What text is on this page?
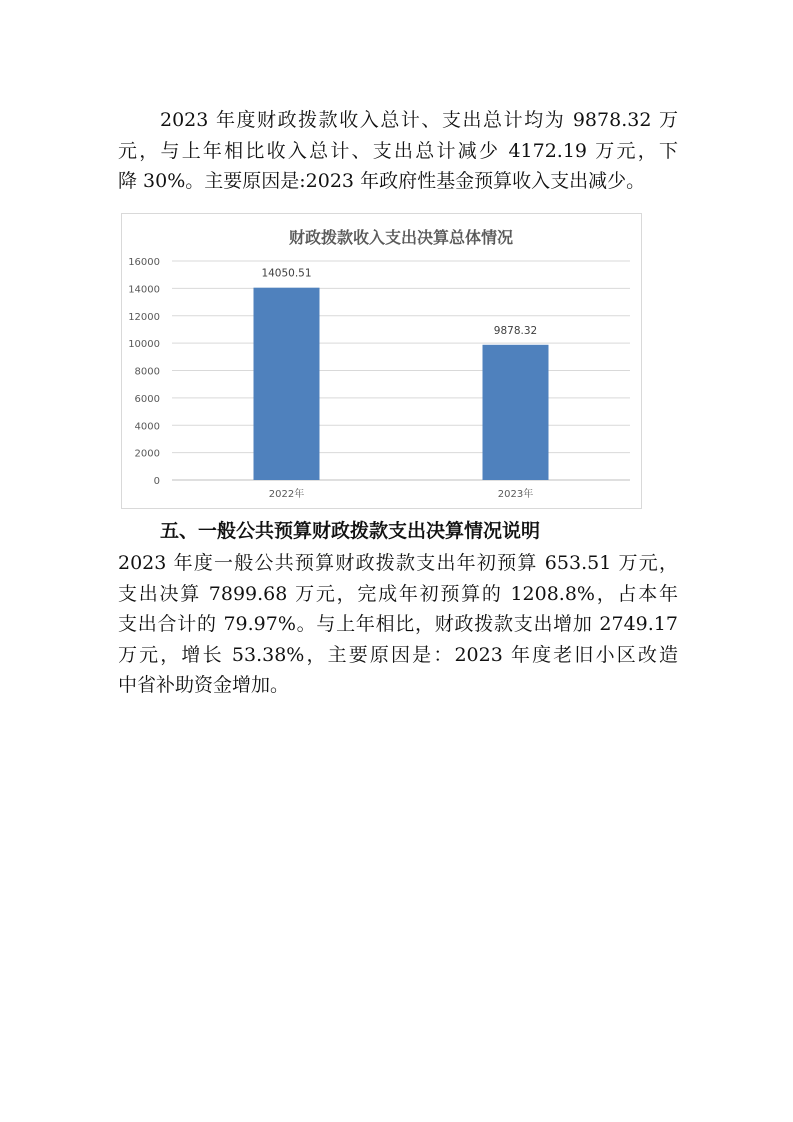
2023 年度财政拨款收入总计、支出总计均为 9878.32 万
元，与上年相比收入总计、支出总计减少 4172.19 万元，下
降 30%。主要原因是:2023 年政府性基金预算收入支出减少。
财政拨款收入支出决算总体情况
0
2000
4000
6000
8000
10000
12000
14000
16000
14050.51
2022年
9878.32
2023年
五、一般公共预算财政拨款支出决算情况说明
2023 年度一般公共预算财政拨款支出年初预算 653.51 万元，
支出决算 7899.68 万元，完成年初预算的 1208.8%，占本年
支出合计的 79.97%。与上年相比，财政拨款支出增加 2749.17
万元，增长 53.38%，主要原因是：2023 年度老旧小区改造
中省补助资金增加。
